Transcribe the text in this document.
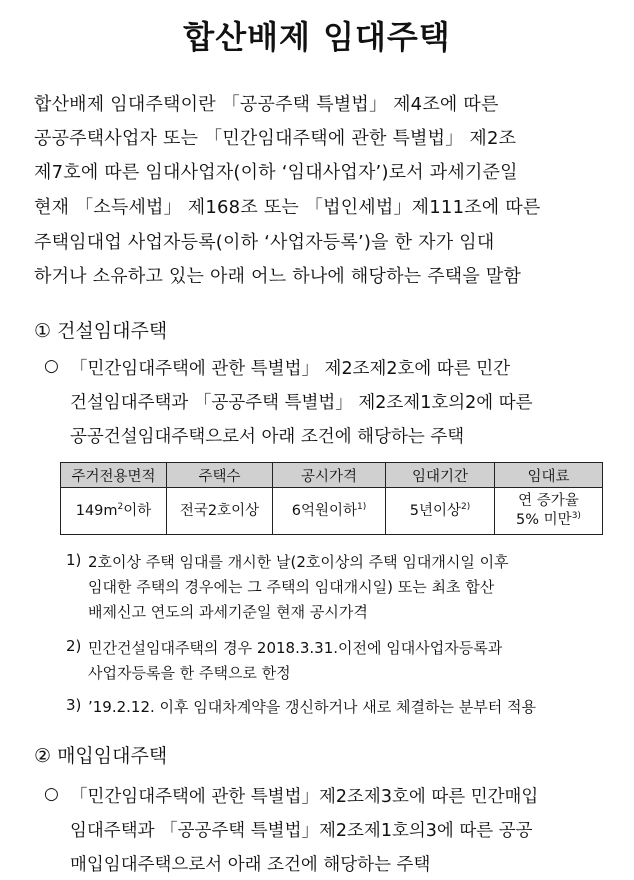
합산배제 임대주택
합산배제 임대주택이란 「공공주택 특별법」 제4조에 따른
공공주택사업자 또는 「민간임대주택에 관한 특별법」 제2조
제7호에 따른 임대사업자(이하 ‘임대사업자’)로서 과세기준일
현재 「소득세법」 제168조 또는 「법인세법」제111조에 따른
주택임대업 사업자등록(이하 ‘사업자등록’)을 한 자가 임대
하거나 소유하고 있는 아래 어느 하나에 해당하는 주택을 말함
① 건설임대주택
○ 「민간임대주택에 관한 특별법」 제2조제2호에 따른 민간
건설임대주택과 「공공주택 특별법」 제2조제1호의2에 따른
공공건설임대주택으로서 아래 조건에 해당하는 주택
주거전용면적	주택수	공시가격	임대기간	임대료
$149m^2$이하	전국2호이상	6억원이하$^{1)}$	5년이상$^{2)}$	연 증가율
5% 미만$^{3)}$
1) 2호이상 주택 임대를 개시한 날(2호이상의 주택 임대개시일 이후
임대한 주택의 경우에는 그 주택의 임대개시일) 또는 최초 합산
배제신고 연도의 과세기준일 현재 공시가격
2) 민간건설임대주택의 경우 2018.3.31.이전에 임대사업자등록과
사업자등록을 한 주택으로 한정
3) ’19.2.12. 이후 임대차계약을 갱신하거나 새로 체결하는 분부터 적용
② 매입임대주택
○ 「민간임대주택에 관한 특별법」제2조제3호에 따른 민간매입
임대주택과 「공공주택 특별법」제2조제1호의3에 따른 공공
매입임대주택으로서 아래 조건에 해당하는 주택
